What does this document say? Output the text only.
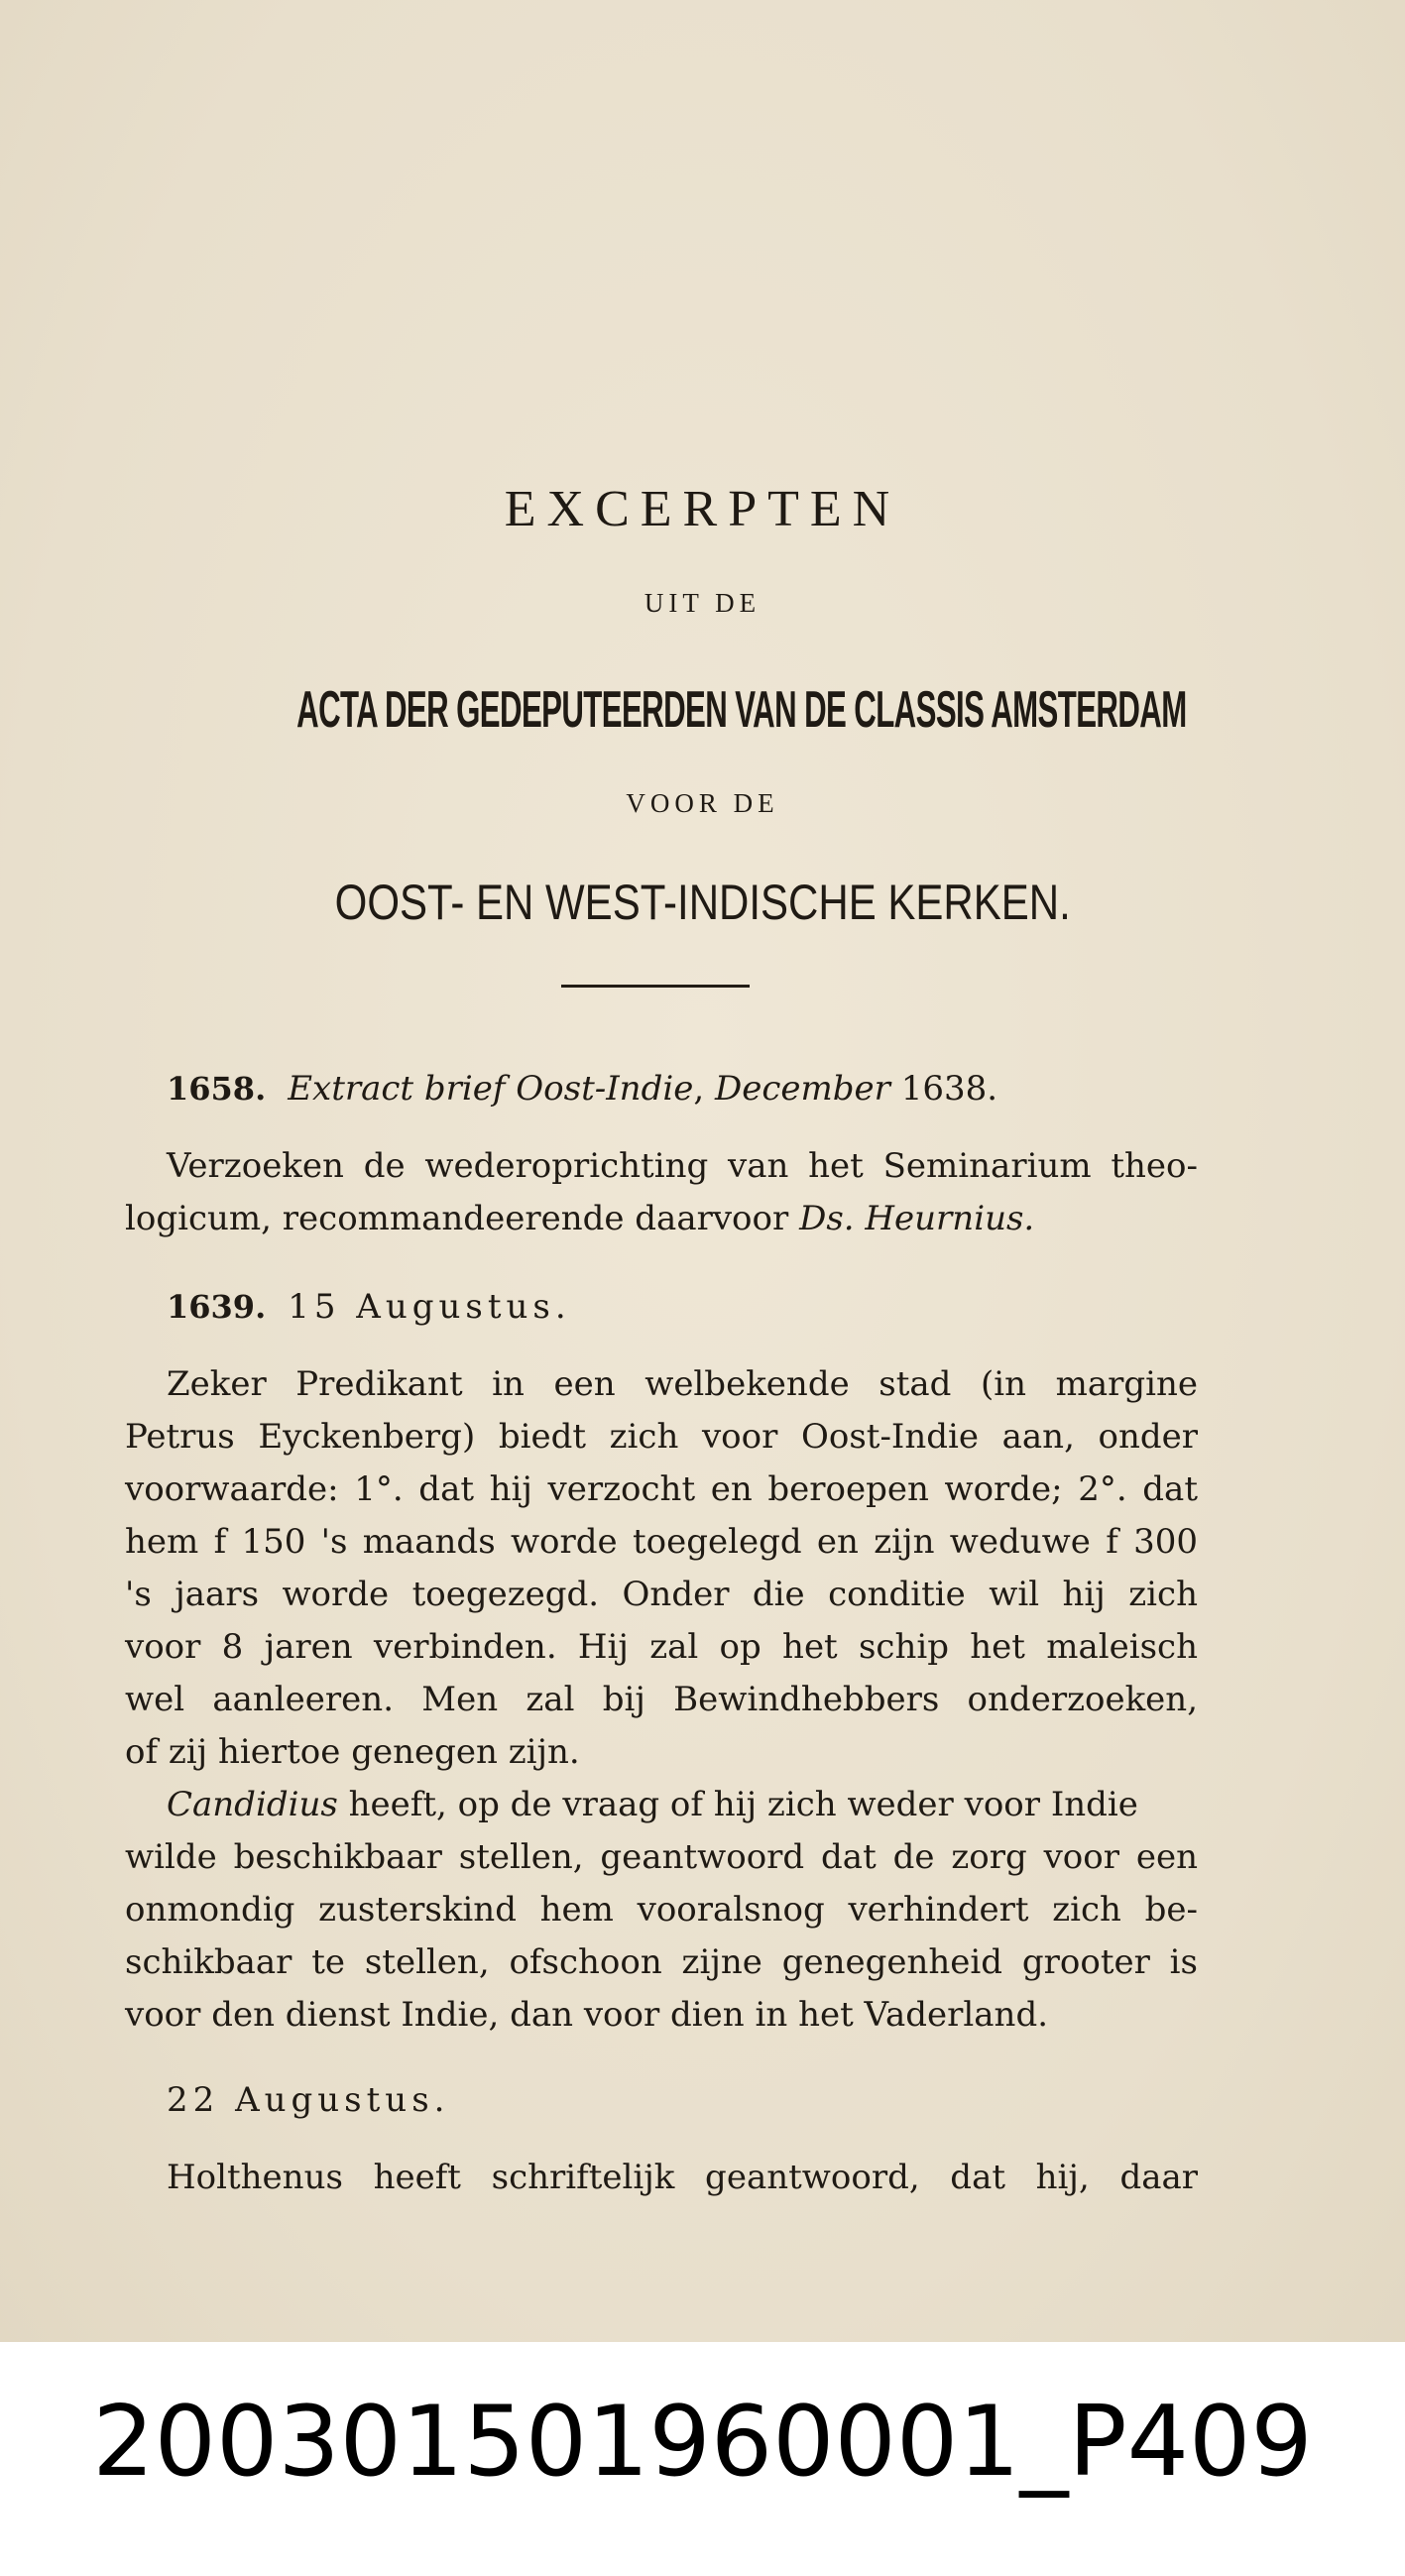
EXCERPTEN
UIT DE
ACTA DER GEDEPUTEERDEN VAN DE CLASSIS AMSTERDAM
VOOR DE
OOST- EN WEST-INDISCHE KERKEN.
1658. Extract brief Oost-Indie, December 1638.
Verzoeken de wederoprichting van het Seminarium theo-
logicum, recommandeerende daarvoor Ds. Heurnius.
1639. 15 Augustus.
Zeker Predikant in een welbekende stad (in margine
Petrus Eyckenberg) biedt zich voor Oost-Indie aan, onder
voorwaarde: 1°. dat hij verzocht en beroepen worde; 2°. dat
hem f 150 's maands worde toegelegd en zijn weduwe f 300
's jaars worde toegezegd. Onder die conditie wil hij zich
voor 8 jaren verbinden. Hij zal op het schip het maleisch
wel aanleeren. Men zal bij Bewindhebbers onderzoeken,
of zij hiertoe genegen zijn.
Candidius heeft, op de vraag of hij zich weder voor Indie
wilde beschikbaar stellen, geantwoord dat de zorg voor een
onmondig zusterskind hem vooralsnog verhindert zich be-
schikbaar te stellen, ofschoon zijne genegenheid grooter is
voor den dienst Indie, dan voor dien in het Vaderland.
22 Augustus.
Holthenus heeft schriftelijk geantwoord, dat hij, daar
20030150196000​1_P409
